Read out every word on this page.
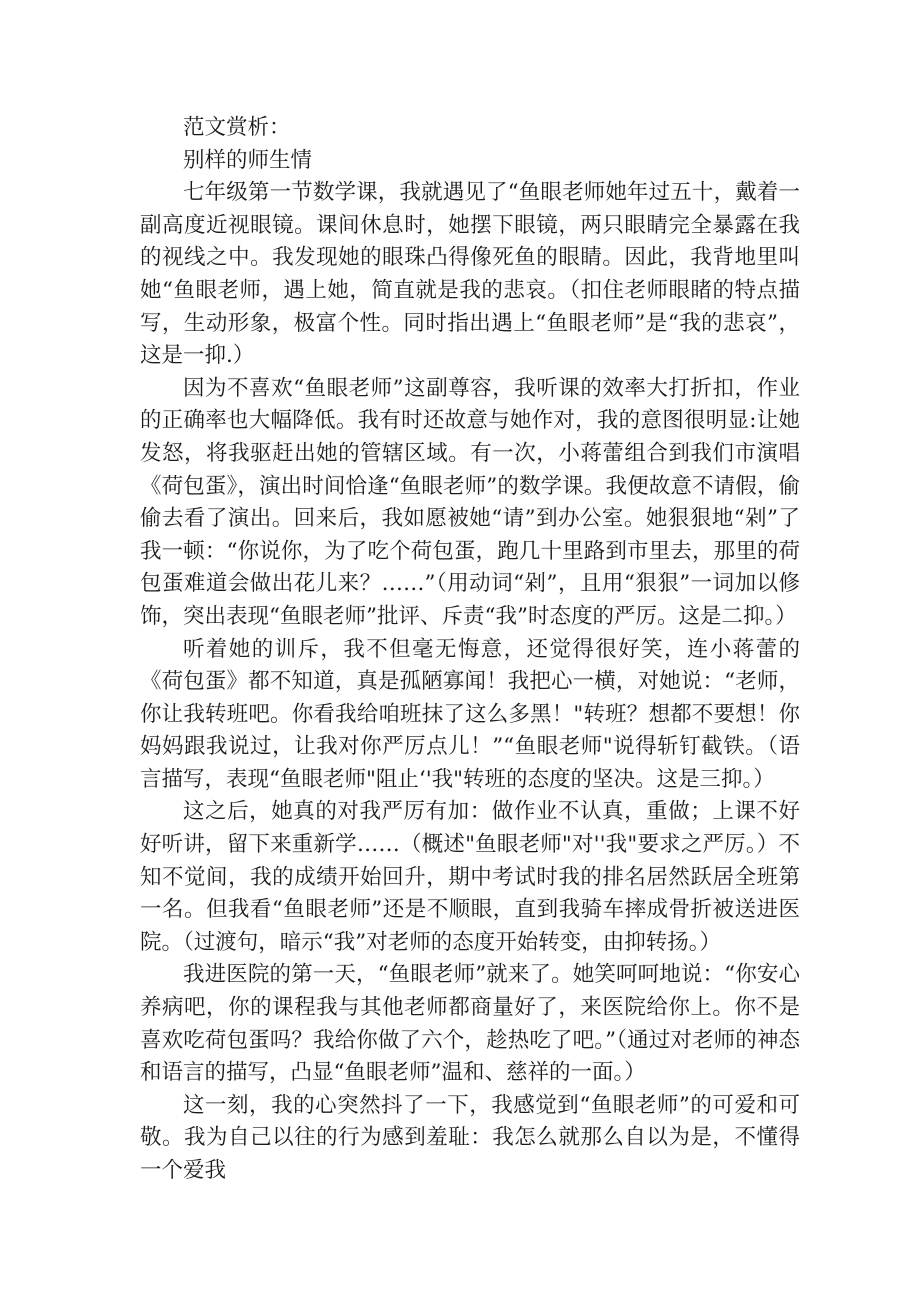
范文赏析：

别样的师生情

七年级第一节数学课，我就遇见了“鱼眼老师她年过五十，戴着一副高度近视眼镜。课间休息时，她摆下眼镜，两只眼睛完全暴露在我的视线之中。我发现她的眼珠凸得像死鱼的眼睛。因此，我背地里叫她“鱼眼老师，遇上她，简直就是我的悲哀。（扣住老师眼睹的特点描写，生动形象，极富个性。同时指出遇上“鱼眼老师”是“我的悲哀”，这是一抑.）

因为不喜欢“鱼眼老师”这副尊容，我听课的效率大打折扣，作业的正确率也大幅降低。我有时还故意与她作对，我的意图很明显:让她发怒，将我驱赶出她的管辖区域。有一次，小蒋蕾组合到我们市演唱《荷包蛋》，演出时间恰逢“鱼眼老师”的数学课。我便故意不请假，偷偷去看了演出。回来后，我如愿被她“请”到办公室。她狠狠地“剁”了我一顿：“你说你，为了吃个荷包蛋，跑几十里路到市里去，那里的荷包蛋难道会做出花儿来？……”（用动词“剁”，且用“狠狠”一词加以修饰，突出表现“鱼眼老师”批评、斥责“我”时态度的严厉。这是二抑。）

听着她的训斥，我不但毫无悔意，还觉得很好笑，连小蒋蕾的《荷包蛋》都不知道，真是孤陋寡闻！我把心一横，对她说：“老师，你让我转班吧。你看我给咱班抹了这么多黑！"转班？想都不要想！你妈妈跟我说过，让我对你严厉点儿！”“鱼眼老师"说得斩钉截铁。（语言描写，表现“鱼眼老师"阻止‘'我"转班的态度的坚决。这是三抑。）

这之后，她真的对我严厉有加：做作业不认真，重做；上课不好好听讲，留下来重新学……（概述"鱼眼老师"对''我"要求之严厉。）不知不觉间，我的成绩开始回升，期中考试时我的排名居然跃居全班第一名。但我看“鱼眼老师”还是不顺眼，直到我骑车摔成骨折被送进医院。（过渡句，暗示“我”对老师的态度开始转变，由抑转扬。）

我进医院的第一天，“鱼眼老师”就来了。她笑呵呵地说：“你安心养病吧，你的课程我与其他老师都商量好了，来医院给你上。你不是喜欢吃荷包蛋吗？我给你做了六个，趁热吃了吧。”（通过对老师的神态和语言的描写，凸显“鱼眼老师”温和、慈祥的一面。）

这一刻，我的心突然抖了一下，我感觉到“鱼眼老师”的可爱和可敬。我为自己以往的行为感到羞耻：我怎么就那么自以为是，不懂得一个爱我
